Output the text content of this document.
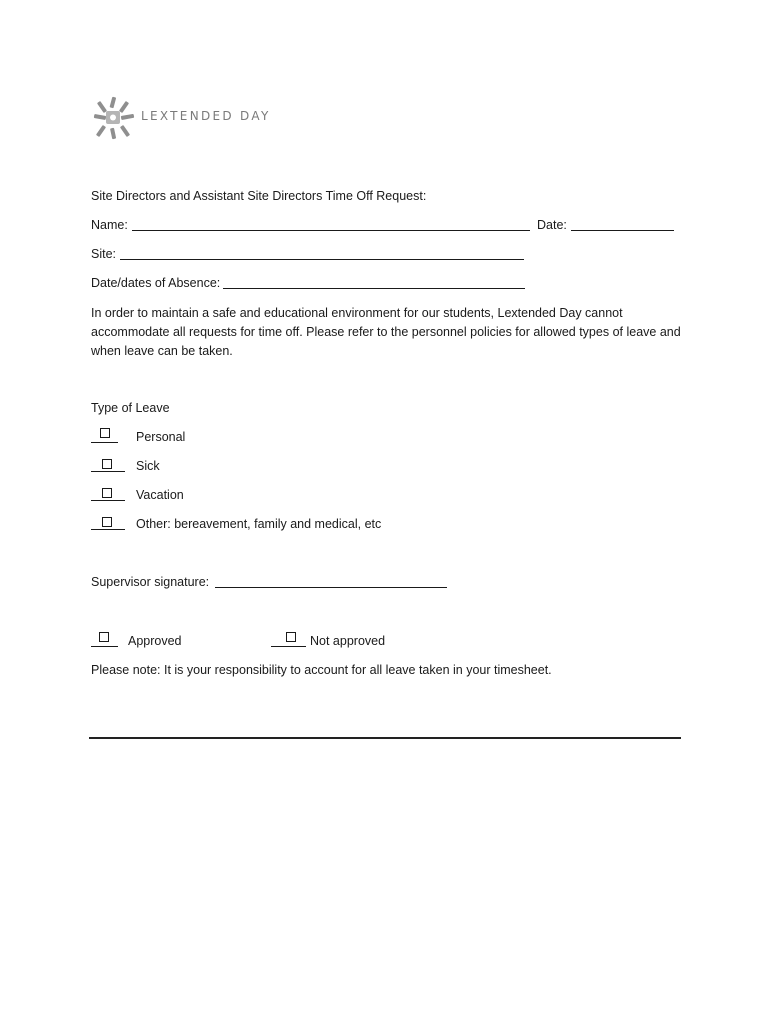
LEXTENDED DAY
Site Directors and Assistant Site Directors Time Off Request:
Name:	Date:
Site:
Date/dates of Absence:
In order to maintain a safe and educational environment for our students, Lextended Day cannot accommodate all requests for time off. Please refer to the personnel policies for allowed types of leave and when leave can be taken.
Type of Leave
Personal
Sick
Vacation
Other: bereavement, family and medical, etc
Supervisor signature:
Approved	Not approved
Please note: It is your responsibility to account for all leave taken in your timesheet.
